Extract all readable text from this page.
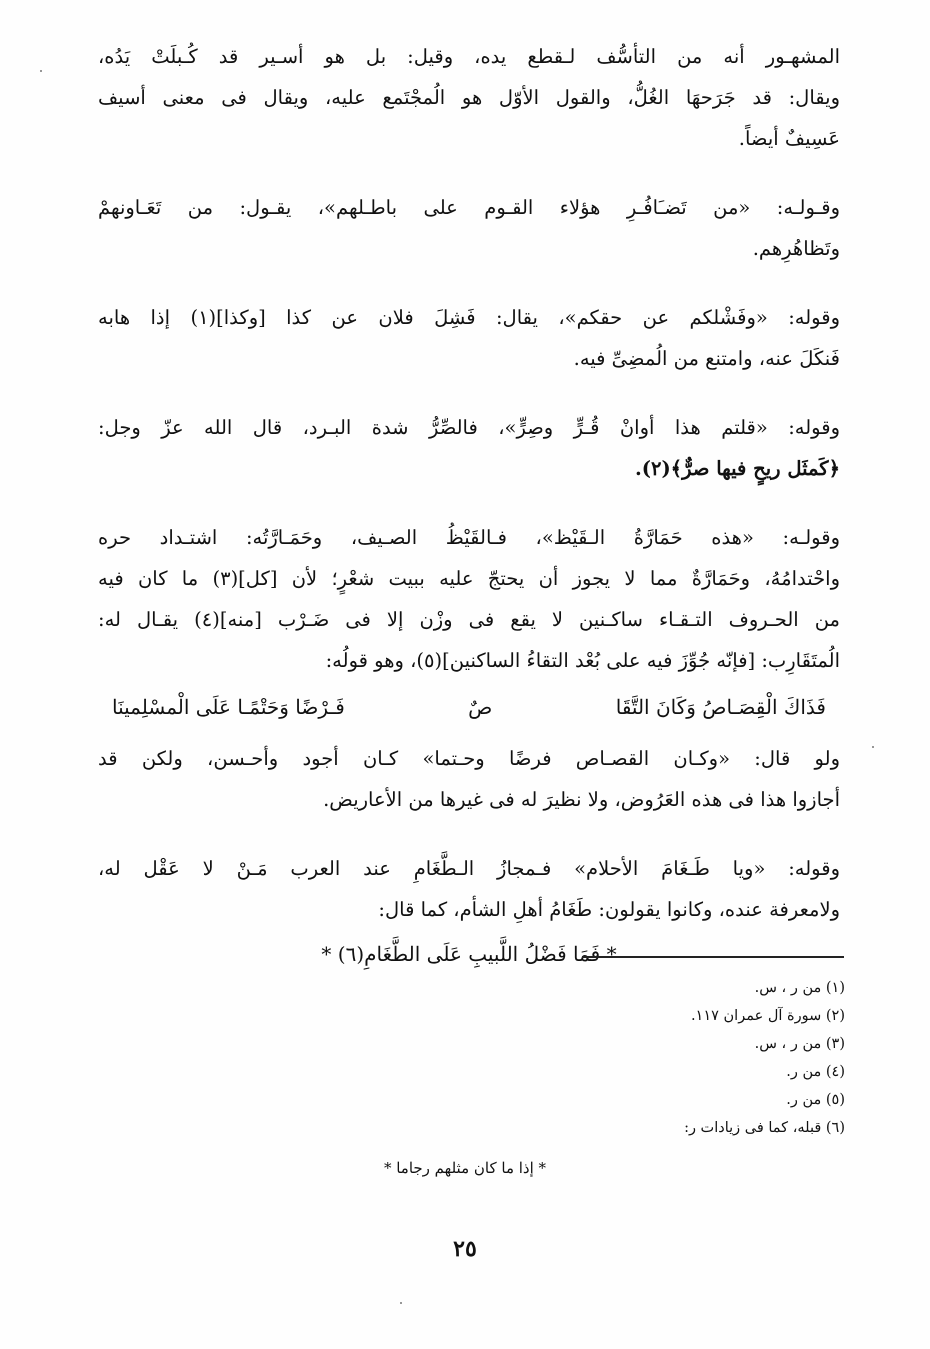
المشهـور أنه من التأسُّف لـقطع يده، وقيل: بل هو أسـير قد كُـبلَتْ يَدُه،
ويقال: قد جَرَحهَا الغُلُّ، والقول الأوّل هو الُمجْتَمع عليه، ويقال فى معنى أسيف
عَسِيفٌ أيضاً.
وقـولـه: «من تَضـَافُـرِ هؤلاء القـوم على باطـلهم»، يقـول: من تَعَـاونهمْ
وتَظاهُرِهم.
وقوله: «وفَشْلكم عن حقكم»، يقال: فَشِلَ فلان عن كذا [وكذا](١) إذا هابه
فَنكَلَ عنه، وامتنع من الُمضِىِّ فيه.
وقوله: «قلتم هذا أوانْ قُـرٍّ وصِرٍّ»، فالصِّرُّ شدة البـرد، قال الله عزّ وجل:
﴿كَمثَل ريحٍ فيها صرٌّ﴾(٢).
وقولـه: «هذه حَمَارَّةُ الـقَيْظ»، فـالقَيْظُ الصـيف، وحَمَـارَّتُه: اشتـداد حره
واحْتدامُهُ، وحَمَارَّةٌ مما لا يجوز أن يحتجّ عليه ببيت شعْرٍ؛ لأن [كل](٣) ما كان فيه
من الحـروف التـقـاء ساكـنين لا يقع فى وزْن إلا فى ضَـرْب [منه](٤) يقـال له:
الُمتَقَارِب: [فإنّه جُوِّزَ فيه على بُعْد التقاءُ الساكنين](٥)، وهو قولُه:
فَذَاكَ الْقِصَـاصُ وَكَانَ التَّقَا
صٌ
فَـرْضًا وَحَتْمًـا عَلَى الْمسْلِمينَا
ولو قال: «وكـان القصـاص فرضًا وحـتما» كـان أجود وأحـسن، ولكن قد
أجازوا هذا فى هذه العَرُوض، ولا نظيرَ له فى غيرها من الأعاريض.
وقوله: «ويا طَـغَامَ الأحلام» فـمجازُ الـطَّغَامِ عند العرب مَـنْ لا عَقْل له،
ولامعرفة عنده، وكانوا يقولون: طَغَامُ أهلِ الشأم، كما قال:
* فَمَا فَضْلُ اللَّبيبِ عَلَى الطَّغَامِ(٦) *
(١) من ر ، س.
(٢) سورة آل عمران ١١٧.
(٣) من ر ، س.
(٤) من ر.
(٥) من ر.
(٦) قبله، كما فى زيادات ر:
* إذا ما كان مثلهم رجاما *
٢٥
